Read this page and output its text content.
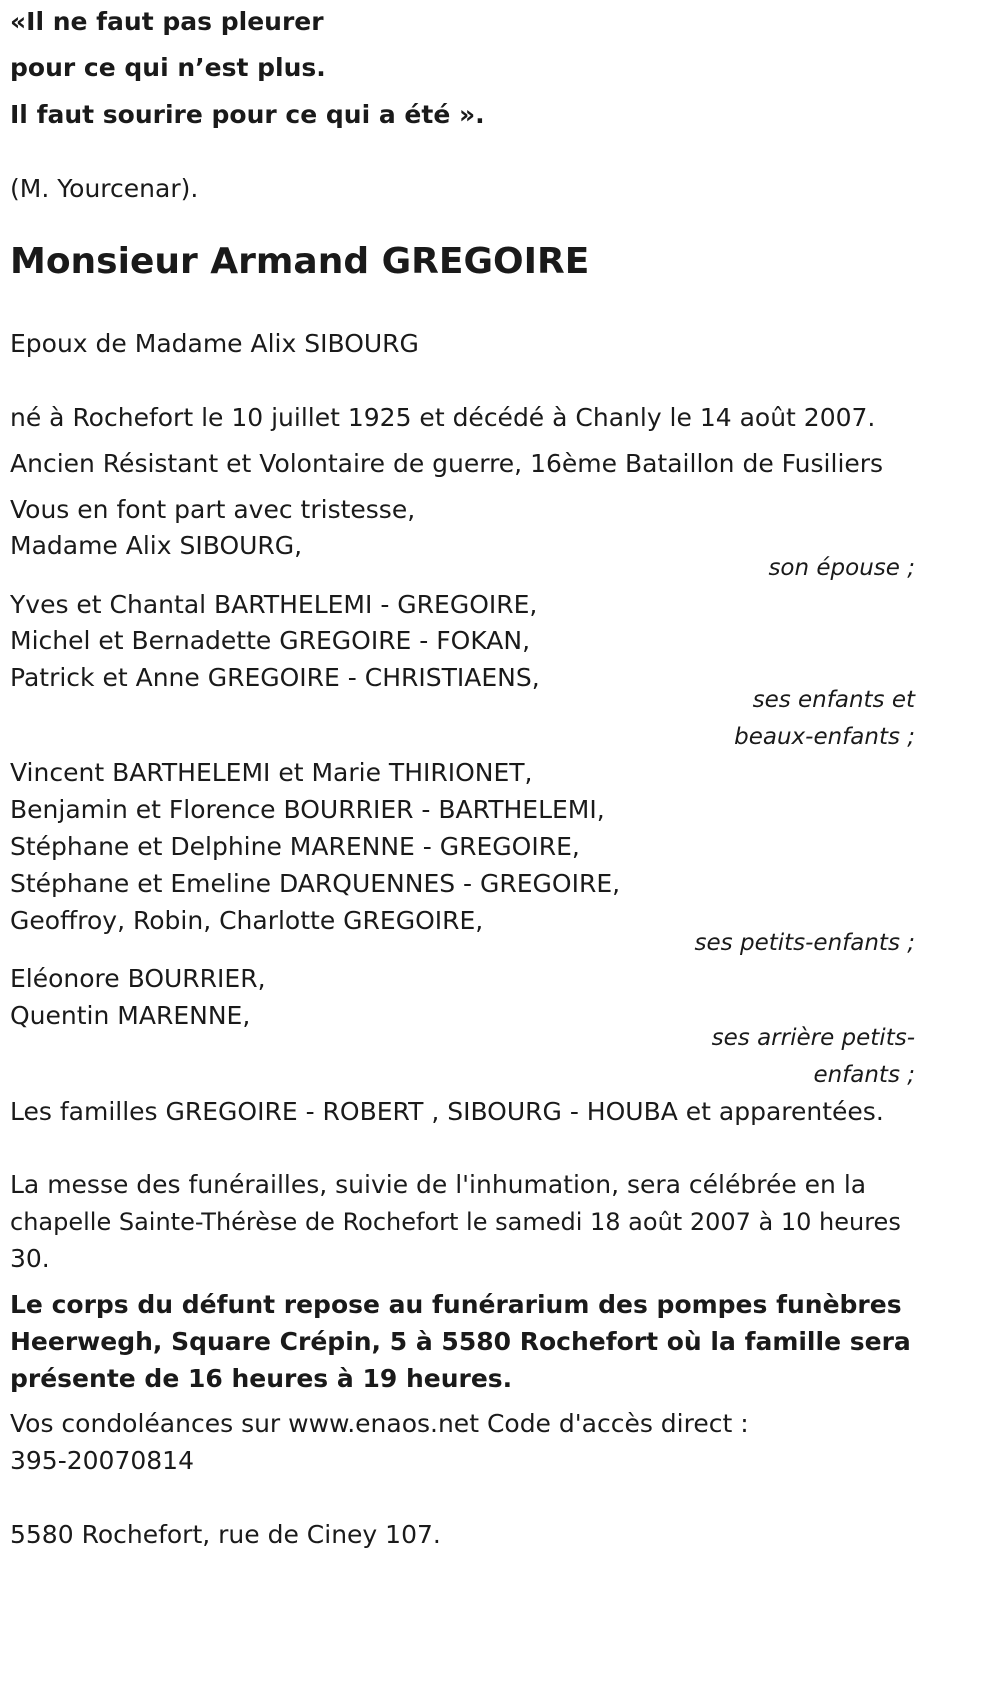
«Il ne faut pas pleurer
pour ce qui n’est plus.
Il faut sourire pour ce qui a été ».
(M. Yourcenar).
Monsieur Armand GREGOIRE
Epoux de Madame Alix SIBOURG
né à Rochefort le 10 juillet 1925 et décédé à Chanly le 14 août 2007.
Ancien Résistant et Volontaire de guerre, 16ème Bataillon de Fusiliers
Vous en font part avec tristesse,
Madame Alix SIBOURG,
son épouse ;
Yves et Chantal BARTHELEMI - GREGOIRE,
Michel et Bernadette GREGOIRE - FOKAN,
Patrick et Anne GREGOIRE - CHRISTIAENS,
ses enfants et
beaux-enfants ;
Vincent BARTHELEMI et Marie THIRIONET,
Benjamin et Florence BOURRIER - BARTHELEMI,
Stéphane et Delphine MARENNE - GREGOIRE,
Stéphane et Emeline DARQUENNES - GREGOIRE,
Geoffroy, Robin, Charlotte GREGOIRE,
ses petits-enfants ;
Eléonore BOURRIER,
Quentin MARENNE,
ses arrière petits-
enfants ;
Les familles GREGOIRE - ROBERT , SIBOURG - HOUBA et apparentées.
La messe des funérailles, suivie de l'inhumation, sera célébrée en la
chapelle Sainte-Thérèse de Rochefort le samedi 18 août 2007 à 10 heures
30.
Le corps du défunt repose au funérarium des pompes funèbres
Heerwegh, Square Crépin, 5 à 5580 Rochefort où la famille sera
présente de 16 heures à 19 heures.
Vos condoléances sur www.enaos.net Code d'accès direct :
395-20070814
5580 Rochefort, rue de Ciney 107.
